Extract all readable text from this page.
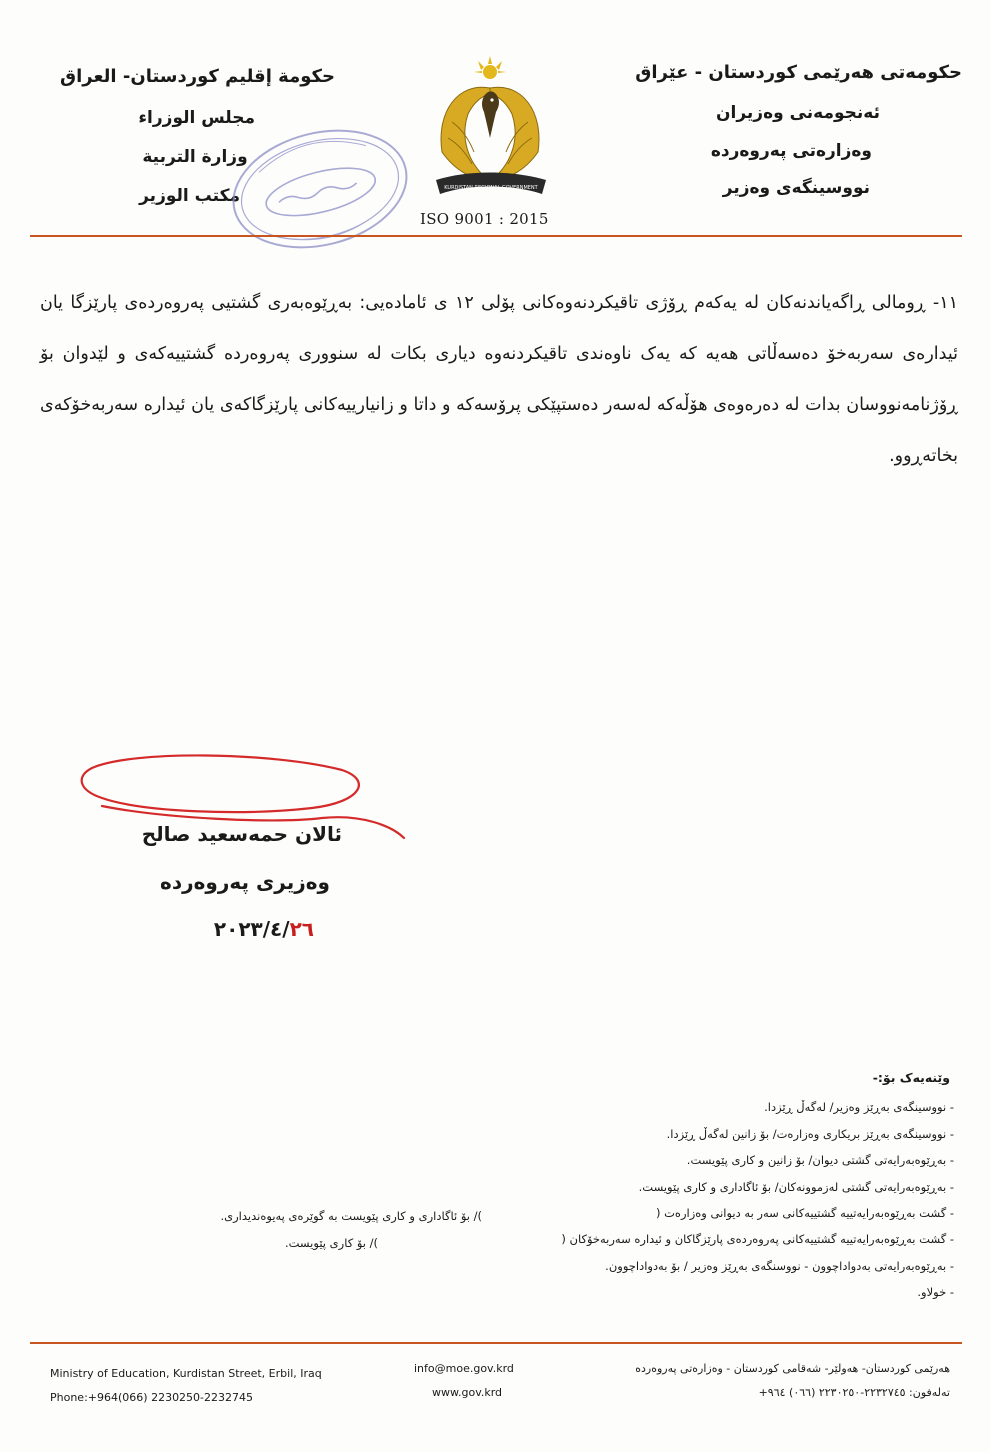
حکومەتی هەرێمی کوردستان - عێراق
ئەنجومەنی وەزیران
وەزارەتی پەروەردە
نووسینگەی وەزیر
حكومة إقليم كوردستان- العراق
مجلس الوزراء
وزارة التربية
مكتب الوزير	KURDISTAN REGIONAL GOVERNMENT
ISO 9001 : 2015
١١- ڕومالی ڕاگەیاندنەکان لە یەکەم ڕۆژی تاقیکردنەوەکانی پۆلی ١٢ ی ئامادەیی: بەڕێوەبەری گشتیی پەروەردەی پارێزگا یان ئیدارەی سەربەخۆ دەسەڵاتی هەیە کە یەک ناوەندی تاقیکردنەوە دیاری بکات لە سنووری پەروەردە گشتییەکەی و لێدوان بۆ ڕۆژنامەنووسان بدات لە دەرەوەی هۆڵەکە لەسەر دەستپێکی پرۆسەکە و داتا و زانیارییەکانی پارێزگاکەی یان ئیدارە سەربەخۆکەی بخاتەڕوو.
ئالان حمەسعید صالح
وەزیری پەروەردە
٢٠٢٣/٤/٢٦
وێنەیەک بۆ:-
- نووسینگەی بەڕێز وەزیر/ لەگەڵ ڕێزدا.
- نووسینگەی بەڕێز بریکاری وەزارەت/ بۆ زانین لەگەڵ ڕێزدا.
- بەڕێوەبەرایەتی گشتی دیوان/ بۆ زانین و کاری پێویست.
- بەڕێوەبەرایەتی گشتی لەزموونەکان/ بۆ ئاگاداری و کاری پێویست.
- گشت بەڕێوەبەرایەتییە گشتییەکانی سەر بە دیوانی وەزارەت (
- گشت بەڕێوەبەرایەتییە گشتییەکانی پەروەردەی پارێزگاکان و ئیدارە سەربەخۆکان (
- بەڕێوەبەرایەتی بەدواداچوون - نووسنگەی بەڕێز وەزیر / بۆ بەدواداچوون.
- خولاو.
)/ بۆ ئاگاداری و کاری پێویست بە گوێرەی پەیوەندیداری.
)/ بۆ کاری پێویست.
Ministry of Education, Kurdistan Street, Erbil, Iraq
Phone:+964(066) 2230250-2232745
info@moe.gov.krd
www.gov.krd
هەرێمی کوردستان- هەولێر- شەقامی کوردستان - وەزارەتی پەروەردە
تەلەفون: ٢٢٣٢٧٤٥-٢٢٣٠٢٥٠ (٠٦٦) ٩٦٤+
